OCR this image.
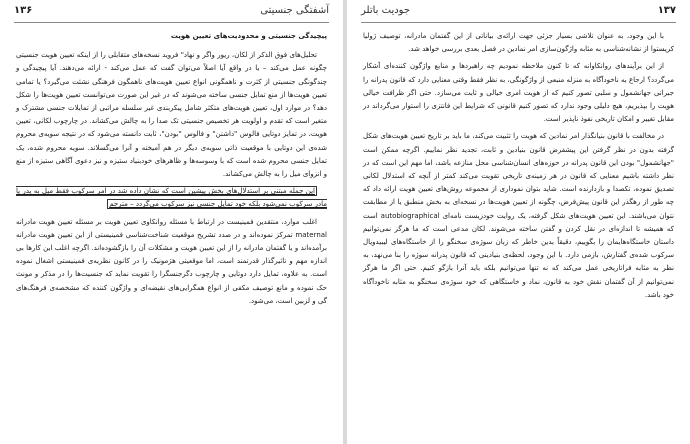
۱۳۶	آشفتگی جنسیتی

پیچیدگی جنسیتی و محدودیت‌های تعیین هویت

تحلیل‌های فوق الذکر از لکان، ریور واگر و نهاد" فرويد نسخه‌های متقابلی را از اینکه تعیین هویت جنسیتی چگونه عمل می‌کند – یا در واقع آیا اصلاً می‌توان گفت که عمل می‌کند - ارائه می‌دهند. آیا پیچیدگی و چندگونگی جنسیتی از کثرت و ناهمگونی انواع تعیین هویت‌های ناهمگون فرهنگی نشئت می‌گیرد؟ یا تمامی تعیین هویت‌ها از منع تمایل جنسی ساخته می‌شوند که در غیر این صورت می‌توانست تعیین هویت‌ها را شکل دهد؟ در موارد اول، تعیین هویت‌های متکثر شامل پیکربندی غیر سلسله مراتبی از تمایلات جنسی مشترک و متغیر است که تقدم و اولویت هر تخصیص جنسیتی تک صدا را به چالش می‌کشاند. در چارچوب لکانی، تعیین هویت، در تمایز دوتایی فالوس "داشتن" و فالوس "بودن"، ثابت دانسته می‌شود که در نتیجه سویه‌ی محروم شده‌ی این دوتایی با موقعیت ذاتی سویه‌ی دیگر در هم آمیخته و آنرا می‌گسلاند. سویه محروم شده، یک تمایل جنسی محروم شده است که با وسوسه‌ها و ظاهرهای خودبنیاد ستیزه و نیز دعوی آگاهی ستیزه از منع و انزوای میل را به چالش می‌کشاند.

این جمله مبتنی بر استدلال‌های بخش پیشین است که نشان داده شد در امر سرکوب فقط میل به پدر یا مادر سرکوب نمی‌شود بلکه خود تمایل جنسی نیز سرکوب می‌گردد – مترجم

اغلب موارد، منتقدین فمینیست در ارتباط با مسئله روانکاوی تعیین هویت بر مسئله تعیین هویت مادرانه maternal تمرکز نموده‌اند و در صدد تشریح موقعیت شناخت‌شناسی فمینیستی از این تعیین هویت مادرانه برآمده‌اند و یا گفتمان مادرانه را از این تعیین هویت و مشکلات آن را بازگشوده‌اند. اگرچه اغلب این کارها بی اندازه مهم و تاثیرگذار قدرتمند است، اما موقعیتی هژمونیک را در کانون نظریه‌ی فمینیستی اشغال نموده است. به علاوه، تمایل دارد دوتایی و چارچوب دگرجنسگرا را تقویت نماید که جنسیت‌ها را در مذکر و مونث حک نموده و مانع توصیف مکفی از انواع همگرایی‌های نقیضه‌ای و واژگون کننده که مشخصه‌ی فرهنگ‌های گی و لزبین است، می‌شود.

۱۳۷
جودیت باتلر

با این وجود، به عنوان تلاشی بسیار جزئی جهت ارائه‌ی بیاناتی از این گفتمان مادرانه، توصیف ژولیا کریستوا از نشانه‌شناسی به مثابه واژگون‌سازی امر نمادین در فصل بعدی بررسی خواهد شد.

از این برآیندهای روانکاوانه که تا کنون ملاحظه نمودیم چه راهبردها و منابع واژگون کننده‌ای آشکار می‌گردد؟ ارجاع به ناخودآگاه به منزله منبعی از واژگونگی، به نظر فقط وقتی معنایی دارد که قانون پدرانه را جبرانی جهانشمول و سلبی تصور کنیم که از هویت امری خیالی و ثابت می‌سازد. حتی اگر ظرافت خیالی هویت را بپذیریم، هیچ دلیلی وجود ندارد که تصور کنیم قانونی که شرایط این فانتزی را استوار می‌گرداند در مقابل تغییر و امکان تاریخی نفوذ ناپذیر است.

در مخالفت با قانون بنیانگذار امر نمادین که هویت را تثبیت می‌کند، ما باید بر تاریخ تعیین هویت‌های شکل گرفته بدون در نظر گرفتن این پیشفرض قانون بنیادین و ثابت، تجدید نظر نماییم. اگرچه ممکن است "جهانشمول" بودن این قانون پدرانه در حوزه‌های انسان‌شناسی محل منازعه باشد، اما مهم این است که در نظر داشته باشیم معنایی که قانون در هر زمینه‌ی تاریخی تقویت می‌کند کمتر از آنچه که استدلال لکانی تصدیق نموده، تکصدا و بازدارنده است. شاید بتوان نموداری از مجموعه روش‌های تعیین هویت ارائه داد که چه طور از رهگذر این قانون پیش‌فرض، چگونه از تعیین هویت‌ها در نسخه‌ای به بخش منطبق یا از مطابقت نتوان می‌باشند. این تعیین هویت‌های شکل گرفته، یک روایت خودزیست نامه‌ای autobiographical است که همیشه تا اندازه‌ای در نقل کردن و گفتن ساخته می‌شوند. لکان مدعی است که ما هرگز نمی‌توانیم داستان خاستگاه‌هایمان را بگوییم، دقیقاً بدین خاطر که زبان سوژه‌ی سخنگو را از خاستگاه‌های لیبیدویال سرکوب شده‌ی گفتارش، بازمی دارد. با این وجود، لحظه‌ی بنیادینی که قانون پدرانه سوژه را بنا می‌نهد، به نظر به مثابه فراتاریخی عمل می‌کند که نه تنها می‌توانیم بلکه باید آنرا بازگو کنیم. حتی اگر ما هرگز نمی‌توانیم از آن گفتمان نقش خود به قانون، نماد و خاستگاهی که خود سوژه‌ی سخنگو به مثابه ناخودآگاه خود باشد.
